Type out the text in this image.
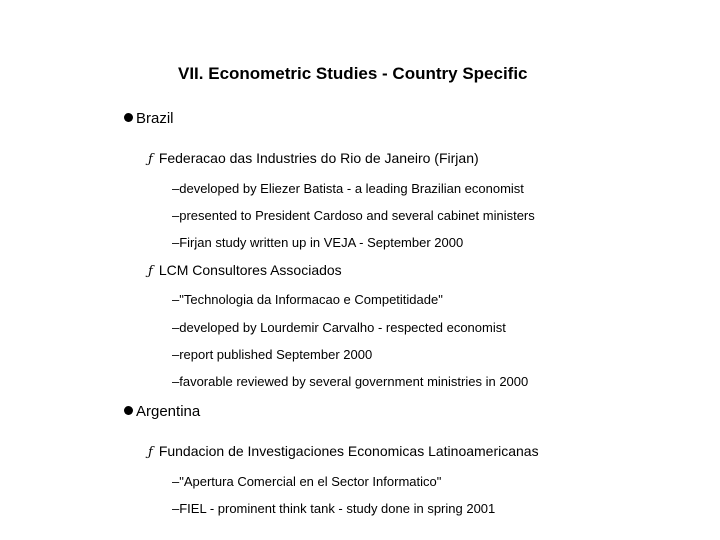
VII. Econometric Studies - Country Specific
Brazil
ƒ Federacao das Industries do Rio de Janeiro (Firjan)
–developed by Eliezer Batista - a leading Brazilian economist
–presented to President Cardoso and several cabinet ministers
–Firjan study written up in VEJA - September 2000
ƒ LCM Consultores Associados
–"Technologia da Informacao e Competitidade"
–developed by Lourdemir Carvalho - respected economist
–report published September 2000
–favorable reviewed by several government ministries in 2000
Argentina
ƒ Fundacion de Investigaciones Economicas Latinoamericanas
–"Apertura Comercial en el Sector Informatico"
–FIEL - prominent think tank - study done in spring 2001
